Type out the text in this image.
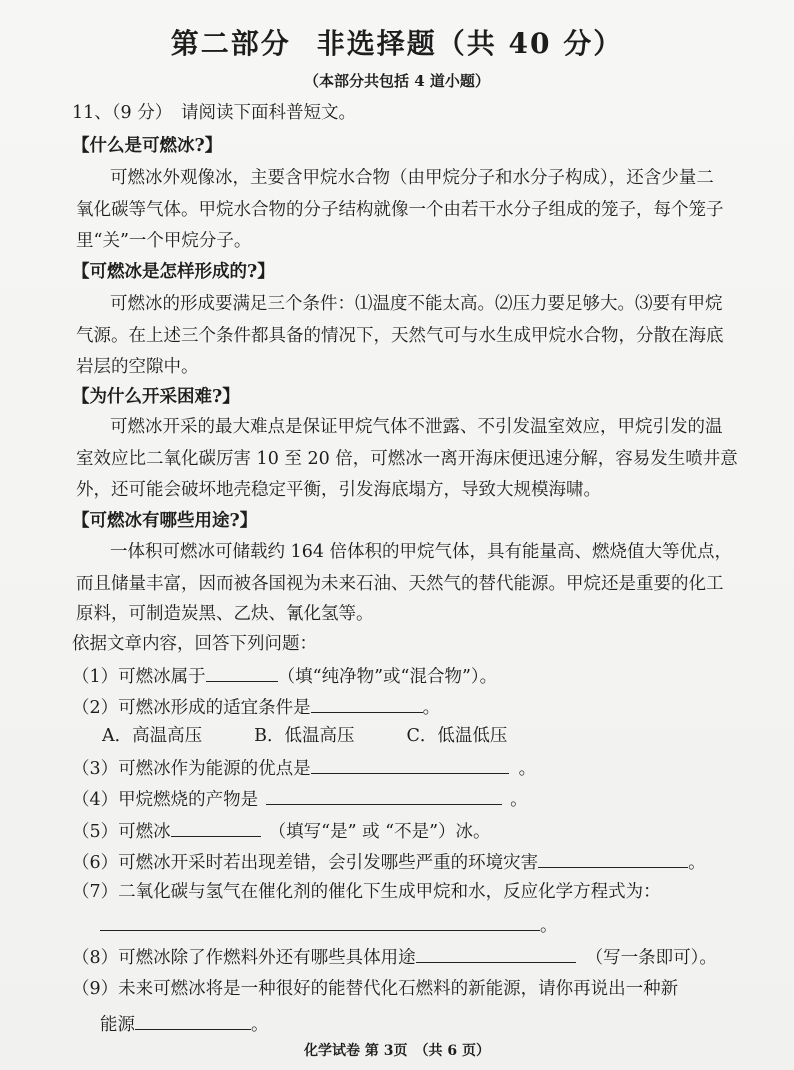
第二部分 非选择题（共 40 分）
（本部分共包括 4 道小题）
11、（9 分）　请阅读下面科普短文。
【什么是可燃冰?】
可燃冰外观像冰，主要含甲烷水合物（由甲烷分子和水分子构成），还含少量二
氧化碳等气体。甲烷水合物的分子结构就像一个由若干水分子组成的笼子，每个笼子
里“关”一个甲烷分子。
【可燃冰是怎样形成的?】
可燃冰的形成要满足三个条件：⑴温度不能太高。⑵压力要足够大。⑶要有甲烷
气源。在上述三个条件都具备的情况下，天然气可与水生成甲烷水合物，分散在海底
岩层的空隙中。
【为什么开采困难?】
可燃冰开采的最大难点是保证甲烷气体不泄露、不引发温室效应，甲烷引发的温
室效应比二氧化碳厉害 10 至 20 倍，可燃冰一离开海床便迅速分解，容易发生喷井意
外，还可能会破坏地壳稳定平衡，引发海底塌方，导致大规模海啸。
【可燃冰有哪些用途?】
一体积可燃冰可储载约 164 倍体积的甲烷气体，具有能量高、燃烧值大等优点，
而且储量丰富，因而被各国视为未来石油、天然气的替代能源。甲烷还是重要的化工
原料，可制造炭黑、乙炔、氰化氢等。
依据文章内容，回答下列问题：
（1）可燃冰属于	（填“纯净物”或“混合物”）。
（2）可燃冰形成的适宜条件是	。
A．高温高压	B．低温高压	C．低温低压
（3）可燃冰作为能源的优点是	。
（4）甲烷燃烧的产物是	。
（5）可燃冰	（填写“是” 或 “不是”）冰。
（6）可燃冰开采时若出现差错，会引发哪些严重的环境灾害	。
（7）二氧化碳与氢气在催化剂的催化下生成甲烷和水，反应化学方程式为：
。
（8）可燃冰除了作燃料外还有哪些具体用途	（写一条即可）。
（9）未来可燃冰将是一种很好的能替代化石燃料的新能源，请你再说出一种新
能源	。
化学试卷 第 3页　（共 6 页）
